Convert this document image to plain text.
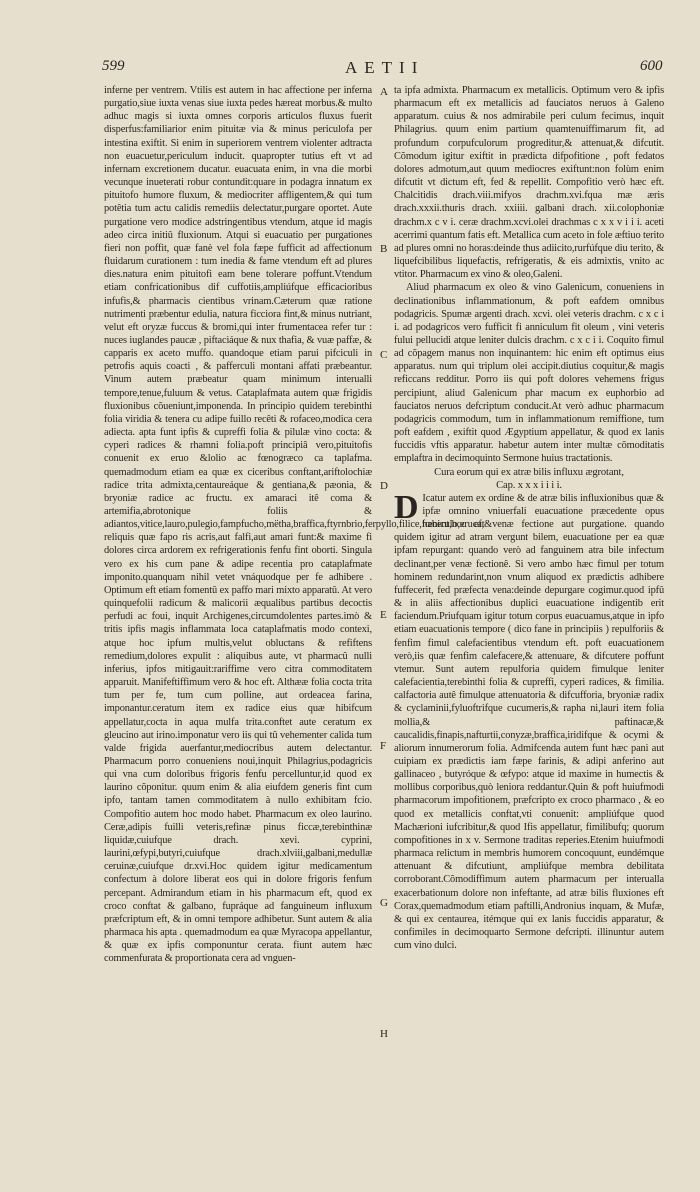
599	AETII	600

inferne per ventrem. Vtilis est autem in hac affectione per inferna purgatio,siue iuxta venas siue iuxta pedes hæreat morbus.& multo adhuc magis si iuxta omnes corporis articulos fluxus fuerit disperfus:familiarior enim pituitæ via & minus periculofa per intestina exiftit. Si enim in superiorem ventrem violenter adtracta non euacuetur,periculum inducit. quapropter tutius eft vt ad infernam excretionem ducatur. euacuata enim, in vna die morbi vecunque inueterati robur contundit:quare in podagra innatum ex pituitofo humore fluxum, & mediocriter affligentem,& qui tum potêtia tum actu calidis remediis delectatur,purgare oportet. Aute purgatione vero modice adstringentibus vtendum, atque id magis adeo circa initiû fluxionum. Atqui si euacuatio per purgationes fieri non poffit, quæ fanè vel fola fæpe fufficit ad affectionum fluidarum curationem : tum inedia & fame vtendum eft ad plures dies.natura enim pituitofi eam bene tolerare poffunt.Vtendum etiam confricationibus dif cuffotiis,ampliúfque efficacioribus infufis,& pharmacis cientibus vrinam.Cæterum quæ ratione nutrimenti præbentur edulia, natura ficciora fint,& minus nutriant, velut eft oryzæ fuccus & bromi,qui inter frumentacea refer tur : nuces iuglandes paucæ , piftaciáque & nux thafia, & vuæ paffæ, & capparis ex aceto muffo. quandoque etiam parui pifciculi in petrofis aquis coacti , & pafferculi montani affati præbeantur. Vinum autem præbeatur quam minimum interualli tempore,tenue,fuluum & vetus. Cataplafmata autem quæ frigidis fluxionibus cõueniunt,imponenda. In principio quidem terebinthi folia viridia & tenera cu adipe fuillo recêti & rofaceo,modica cera adiecta. apta funt ipfis & cupreffi folia & pilulæ vino cocta: & cyperi radices & rhamni folia.poft principiâ vero,pituitofis conuenit ex eruo &lolio ac fœnogræco ca taplafma. quemadmodum etiam ea quæ ex ciceribus conftant,ariftolochiæ radice trita admixta,centaureáque & gentiana,& pæonia, & bryoniæ radice ac fructu. ex amaraci itê coma & artemifia,abrotonique foliis & adiantos,vitice,lauro,pulegio,fampfucho,mëtha,braffica,ftyrnbrio,ferpyllo,filice,fœniculo,eruca,& reliquis quæ fapo ris acris,aut falfi,aut amari funt:& maxime fi dolores circa ardorem ex refrigerationis fenfu fint oborti. Singula vero ex his cum pane & adipe recentia pro cataplafmate imponito.quanquam nihil vetet vnáquodque per fe adhibere . Optimum eft etiam fomentû ex paffo mari mixto apparatû. At vero quinquefolii radicum & malicorii æqualibus partibus decoctis perfudi ac foui, inquit Archigenes,circumdolentes partes.imò & tritis ipfis magis inflammata loca cataplafmatis modo contexi, atque hoc ipfum multis,velut obluctans & refiftens remedium,dolores expulit : aliquibus aute, vt pharmacû nulli inferius, ipfos mitigauit:rariffime vero citra commoditatem apparuit. Manifeftiffimum vero & hoc eft. Althææ folia cocta trita tum per fe, tum cum polline, aut ordeacea farina, imponantur.ceratum item ex radice eius quæ hibifcum appellatur,cocta in aqua mulfa trita.conftet aute ceratum ex gleucino aut irino.imponatur vero iis qui tû vehementer calida tum valde frigida auerfantur,mediocribus autem delectantur. Pharmacum porro conueniens noui,inquit Philagrius,podagricis qui vna cum doloribus frigoris fenfu percelluntur,id quod ex laurino cõponitur. quum enim & alia eiufdem generis fint cum ipfo, tantam tamen commoditatem à nullo exhibitam fcio. Compofitio autem hoc modo habet. Pharmacum ex oleo laurino. Ceræ,adipis fuilli veteris,refinæ pinus ficcæ,terebinthinæ liquidæ,cuiufque drach. xevi. cyprini, laurini,œfypi,butyri,cuiufque drach.xlviii,galbani,medullæ ceruinæ,cuiufque dr.xvi.Hoc quidem igitur medicamentum confectum à dolore liberat eos qui in dolore frigoris fenfum percepant. Admirandum etiam in his pharmacum eft, quod ex croco conftat & galbano, fupráque ad fanguineum influxum præfcriptum eft, & in omni tempore adhibetur. Sunt autem & alia pharmaca his apta . quemadmodum ea quæ Myracopa appellantur, & quæ ex ipfis componuntur cerata. fiunt autem hæc commenfurata & proportionata cera ad vnguen-

A
B
C
D
E
F
G
H

ta ipfa admixta. Pharmacum ex metallicis. Optimum vero & ipfis pharmacum eft ex metallicis ad fauciatos neruos à Galeno apparatum. cuius & nos admirabile peri culum fecimus, inquit Philagrius. quum enim partium quamtenuiffimarum fit, ad profundum corpufculorum progreditur,& attenuat,& difcutit. Cõmodum igitur exiftit in prædicta difpofitione , poft fedatos dolores admotum,aut quum mediocres exiftunt:non folùm enim difcutit vt dictum eft, fed & repellit. Compofitio verò hæc eft. Chalcitidis drach.viii.mifyos drachm.xvi.fqua mæ æris drach.xxxii.thuris drach. xxiiii. galbani drach. xii.colophoniæ drachm.x c v i. ceræ drachm.xcvi.olei drachmas c x x v i i i. aceti acerrimi quantum fatis eft. Metallica cum aceto in fole æftiuo terito ad plures omni no horas:deinde thus adiicito,rurfúfque diu terito, & liquefcibilibus liquefactis, refrigeratis, & eis admixtis, vnito ac vtitor. Pharmacum ex vino & oleo,Galeni.

Aliud pharmacum ex oleo & vino Galenicum, conueniens in declinationibus inflammationum, & poft eafdem omnibus podagricis. Spumæ argenti drach. xcvi. olei veteris drachm. c x c i i. ad podagricos vero fufficit fi anniculum fit oleum , vini veteris fului pellucidi atque leniter dulcis drachm. c x c i i. Coquito fimul ad cõpagem manus non inquinantem: hic enim eft optimus eius apparatus. num qui triplum olei accipit.diutius coquitur,& magis reficcans redditur. Porro iis qui poft dolores vehemens frigus percipiunt, aliud Galenicum phar macum ex euphorbio ad fauciatos neruos defcriptum conducit.At verò adhuc pharmacum podagricis commodum, tum in inflammationum remiffione, tum poft eafdem , exiftit quod Ægyptium appellatur, & quod ex lanis fuccidis vftis apparatur. habetur autem inter multæ cõmoditatis emplaftra in decimoquinto Sermone huius tractationis.

Cura eorum qui ex atræ bilis influxu ægrotant,

Cap. x x x i i i i.

D Icatur autem ex ordine & de atræ bilis influxionibus quæ & ipfæ omnino vniuerfali euacuatione præcedente opus habent,hoc eft venæ fectione aut purgatione. quando quidem igitur ad atram vergunt bilem, euacuatione per ea quæ ipfam repurgant: quando verò ad fanguinem atra bile infectum declinant,per venæ fectionê. Si vero ambo hæc fimul per totum hominem redundarint,non vnum aliquod ex prædictis adhibere fuffecerit, fed præfecta vena:deinde depurgare cogimur.quod ipfû & in aliis affectionibus duplici euacuatione indigentib erit faciendum.Priufquam igitur totum corpus euacuamus,atque in ipfo etiam euacuationis tempore ( dico fane in principiis ) repulforiis & fenfim fimul calefacientibus vtendum eft. poft euacuationem verò,iis quæ fenfim calefacere,& attenuare, & difcutere poffunt vtemur. Sunt autem repulforia quidem fimulque leniter calefacientia,terebinthi folia & cupreffi, cyperi radices, & fimilia. calfactoria autê fimulque attenuatoria & difcufforia, bryoniæ radix & cyclaminii,fyluoftrifque cucumeris,& rapha ni,lauri item folia mollia,& paftinacæ,& caucalidis,finapis,nafturtii,conyzæ,braffica,iridifque & ocymi & aliorum innumerorum folia. Admifcenda autem funt hæc pani aut cuipiam ex prædictis iam fæpe farinis, & adipi anferino aut gallinaceo , butyróque & œfypo: atque id maxime in humectis & mollibus corporibus,quò leniora reddantur.Quin & poft huiufmodi pharmacorum impofitionem, præfcripto ex croco pharmaco , & eo quod ex metallicis conftat,vti conuenit: ampliúfque quod Machærioni iufcribitur,& quod Ifis appellatur, fimilibufq; quorum compofitiones in x v. Sermone traditas reperies.Etenim huiufmodi pharmaca relictum in membris humorem concoquunt, eundémque attenuant & difcutiunt, ampliúfque membra debilitata corroborant.Cõmodiffimum autem pharmacum per interualla exacerbationum dolore non infeftante, ad atræ bilis fluxiones eft Corax,quemadmodum etiam paftilli,Andronius inquam, & Mufæ, & qui ex centaurea, itémque qui ex lanis fuccidis apparatur, & confimiles in decimoquarto Sermone defcripti. illinuntur autem cum vino dulci.
